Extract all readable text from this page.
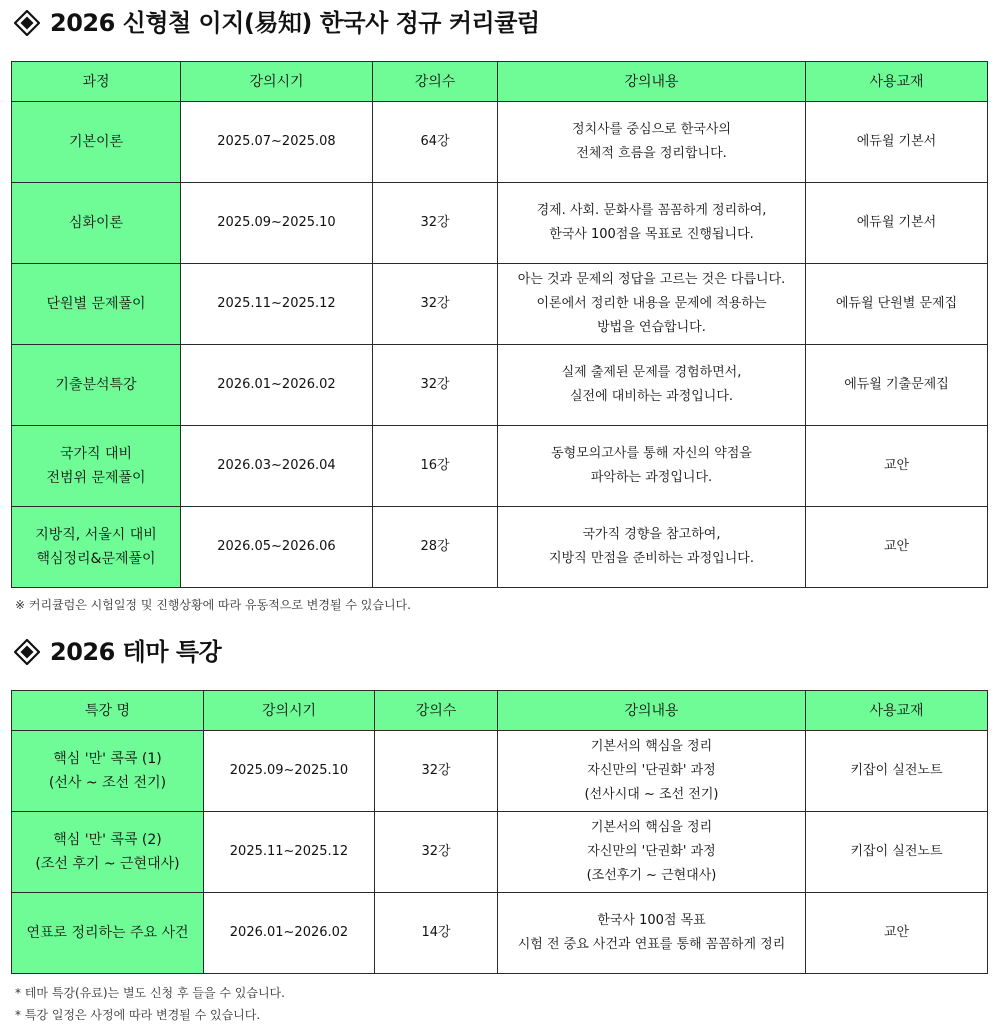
2026 신형철 이지(易知) 한국사 정규 커리큘럼
과정	강의시기	강의수	강의내용	사용교재

기본이론	2025.07~2025.08	64강	정치사를 중심으로 한국사의
전체적 흐름을 정리합니다.	에듀윌 기본서

심화이론	2025.09~2025.10	32강	경제. 사회. 문화사를 꼼꼼하게 정리하여,
한국사 100점을 목표로 진행됩니다.	에듀윌 기본서

단원별 문제풀이	2025.11~2025.12	32강	아는 것과 문제의 정답을 고르는 것은 다릅니다.
이론에서 정리한 내용을 문제에 적용하는
방법을 연습합니다.	에듀윌 단원별 문제집

기출분석특강	2026.01~2026.02	32강	실제 출제된 문제를 경험하면서,
실전에 대비하는 과정입니다.	에듀윌 기출문제집

국가직 대비
전범위 문제풀이	2026.03~2026.04	16강	동형모의고사를 통해 자신의 약점을
파악하는 과정입니다.	교안

지방직, 서울시 대비
핵심정리&문제풀이	2026.05~2026.06	28강	국가직 경향을 참고하여,
지방직 만점을 준비하는 과정입니다.	교안

※ 커리큘럼은 시험일정 및 진행상황에 따라 유동적으로 변경될 수 있습니다.

2026 테마 특강
특강 명	강의시기	강의수	강의내용	사용교재

핵심 '만' 콕콕 (1)
(선사 ~ 조선 전기)	2025.09~2025.10	32강	기본서의 핵심을 정리
자신만의 '단권화' 과정
(선사시대 ~ 조선 전기)	키잡이 실전노트

핵심 '만' 콕콕 (2)
(조선 후기 ~ 근현대사)	2025.11~2025.12	32강	기본서의 핵심을 정리
자신만의 '단권화' 과정
(조선후기 ~ 근현대사)	키잡이 실전노트

연표로 정리하는 주요 사건	2026.01~2026.02	14강	한국사 100점 목표
시험 전 중요 사건과 연표를 통해 꼼꼼하게 정리	교안

* 테마 특강(유료)는 별도 신청 후 들을 수 있습니다.

* 특강 일정은 사정에 따라 변경될 수 있습니다.
